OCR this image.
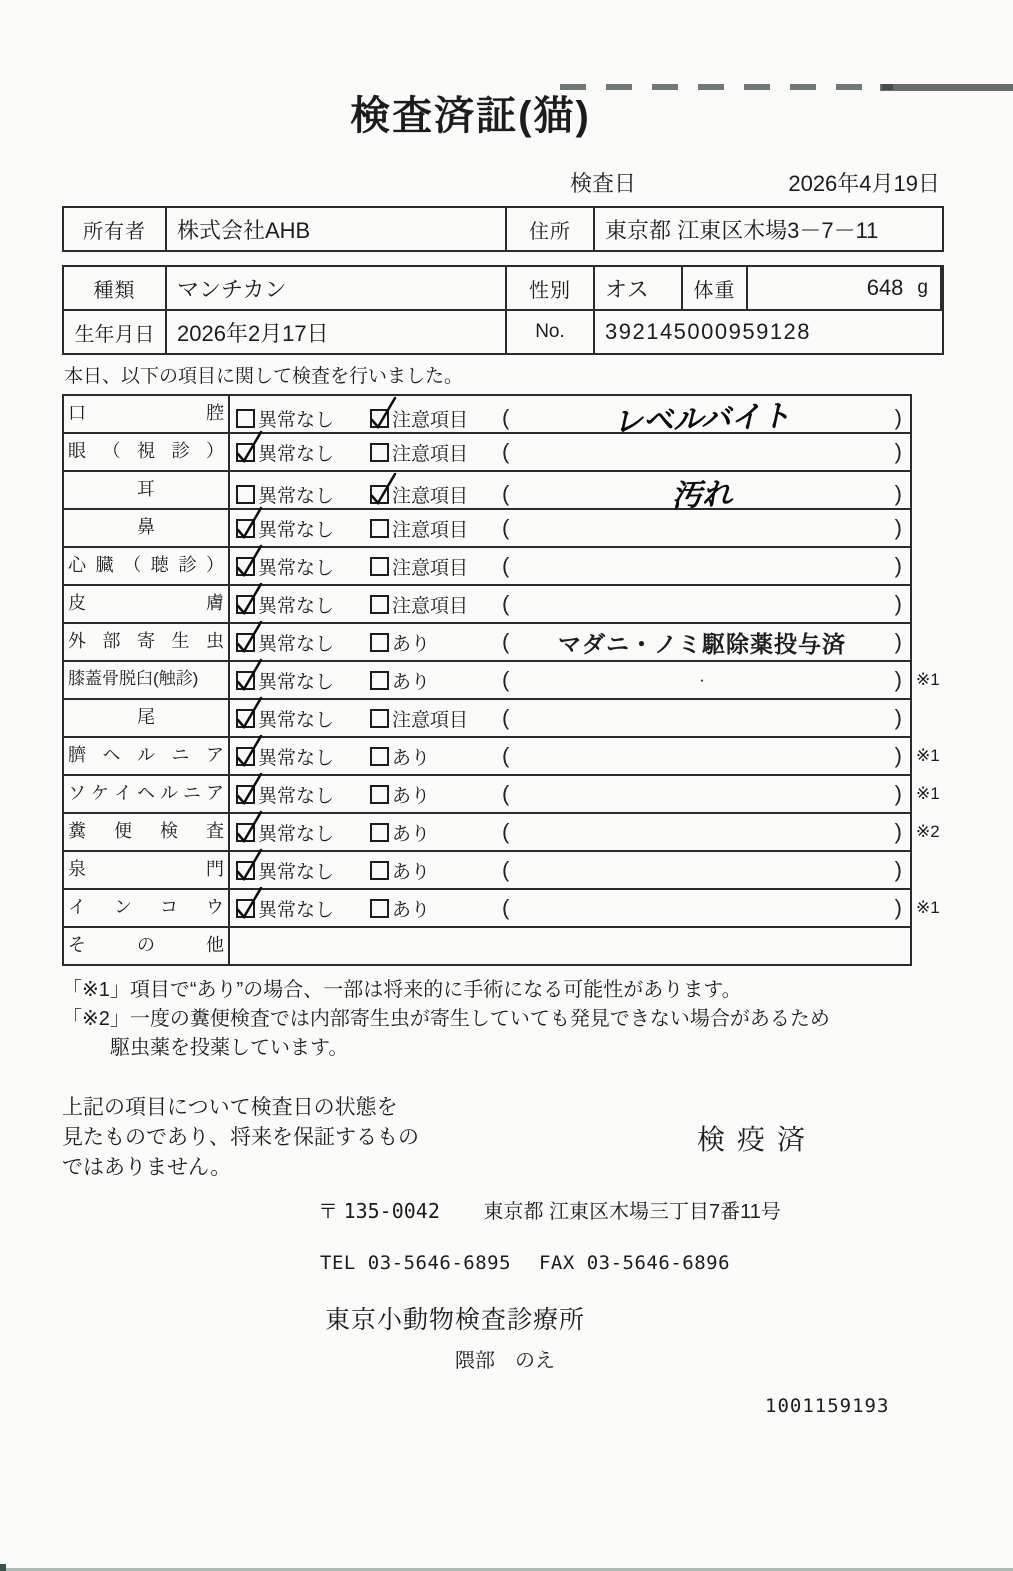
検査済証(猫)
検査日	2026年4月19日
所有者	株式会社AHB	住所	東京都 江東区木場3－7－11
種類	マンチカン	性別	オス	体重	648 g
生年月日	2026年2月17日	No.	392145000959128

本日、以下の項目に関して検査を行いました。

口 腔	異常なし	注意項目 (	レベルバイト	)
眼 （ 視 診 ）	異常なし	注意項目 (	)
耳	異常なし	注意項目 (	汚れ	)
鼻	異常なし	注意項目 (	)
心 臓 （ 聴 診 ）	異常なし	注意項目 (	)
皮 膚	異常なし	注意項目 (	)
外 部 寄 生 虫	異常なし	あり	(	マダニ・ノミ駆除薬投与済	)
膝蓋骨脱臼(触診)	異常なし	あり	(	・	) ※1
尾	異常なし	注意項目 (	)
臍 ヘ ル ニ ア	異常なし	あり	(	) ※1
ソ ケ イ ヘ ル ニ ア	異常なし	あり	(	) ※1
糞 便 検 査	異常なし	あり	(	) ※2
泉 門	異常なし	あり	(	)
イ ン コ ウ	異常なし	あり	(	) ※1
そ の 他
「※1」項目で“あり”の場合、一部は将来的に手術になる可能性があります。
「※2」一度の糞便検査では内部寄生虫が寄生していても発見できない場合があるため
駆虫薬を投薬しています。
上記の項目について検査日の状態を
見たものであり、将来を保証するもの
ではありません。
検疫済
〒 135-0042 東京都 江東区木場三丁目7番11号
TEL 03-5646-6895 FAX 03-5646-6896
東京小動物検査診療所
隈部　のえ
1001159193
